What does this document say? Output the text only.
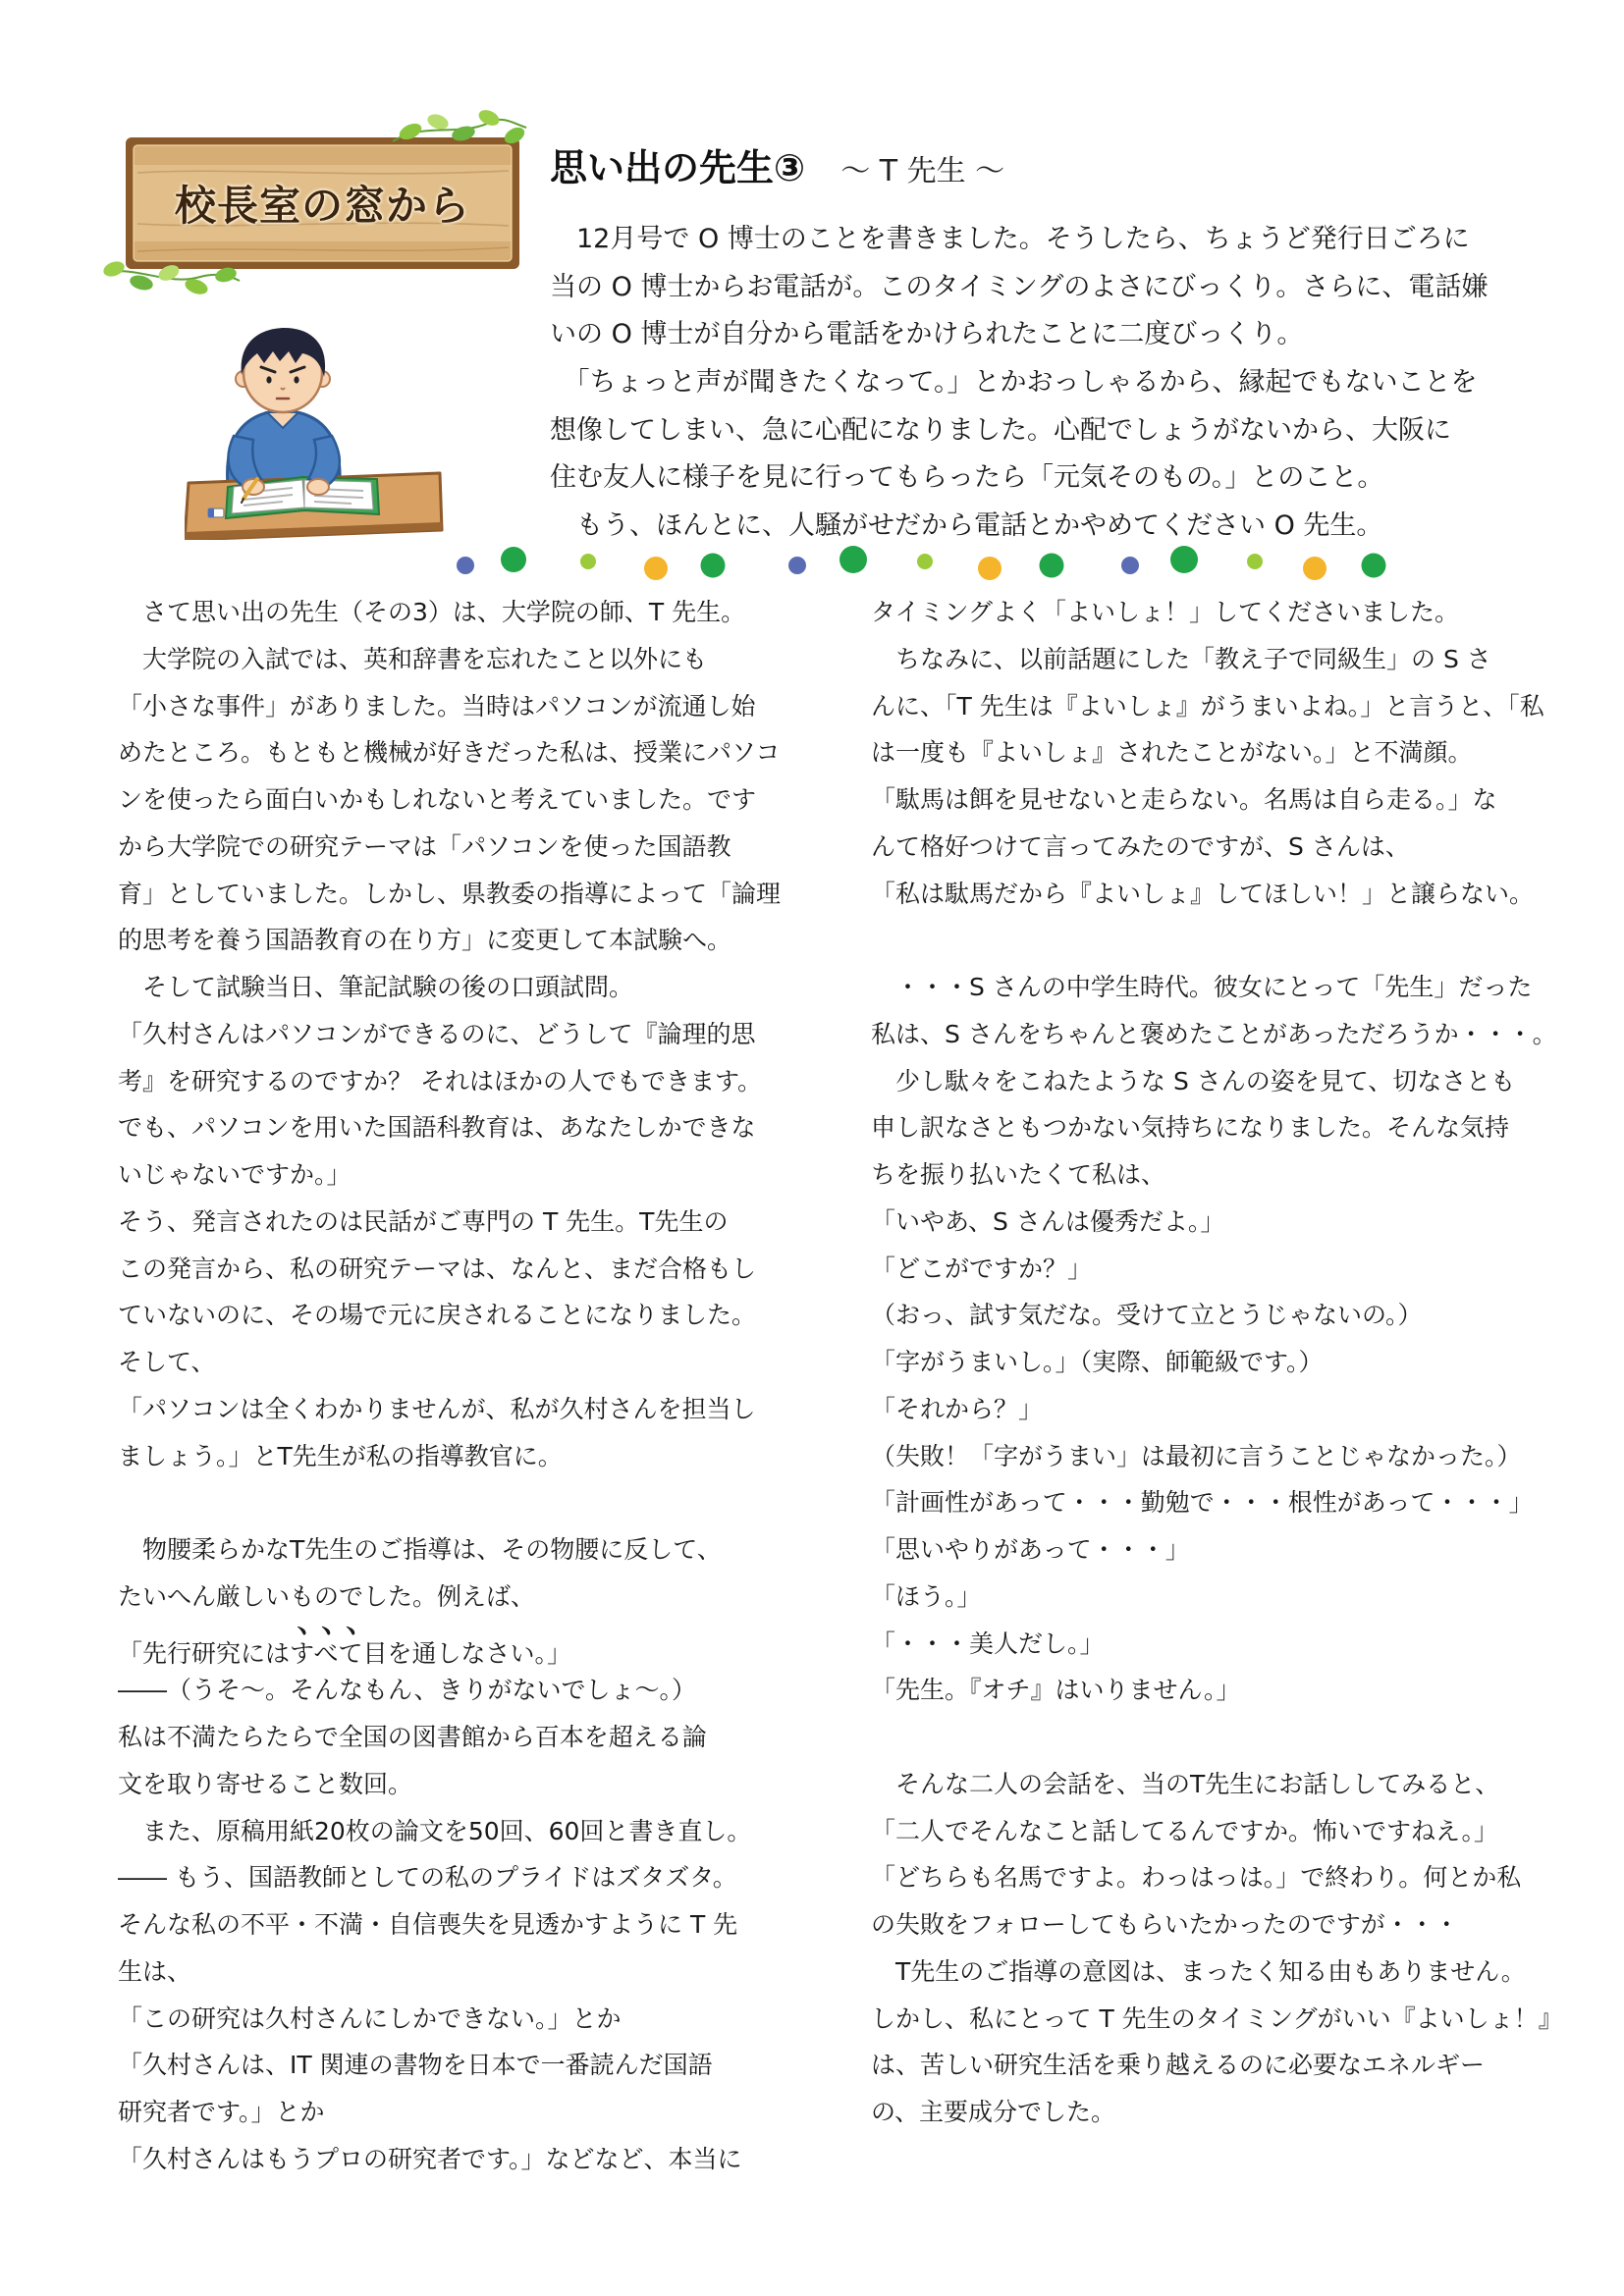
校長室の窓から
思い出の先生③ ～ T 先生 ～
　12月号で O 博士のことを書きました。そうしたら、ちょうど発行日ごろに
当の O 博士からお電話が。このタイミングのよさにびっくり。さらに、電話嫌
いの O 博士が自分から電話をかけられたことに二度びっくり。
　「ちょっと声が聞きたくなって。」とかおっしゃるから、縁起でもないことを
想像してしまい、急に心配になりました。心配でしょうがないから、大阪に
住む友人に様子を見に行ってもらったら「元気そのもの。」とのこと。
　もう、ほんとに、人騒がせだから電話とかやめてください O 先生。
　さて思い出の先生（その3）は、大学院の師、T 先生。
　大学院の入試では、英和辞書を忘れたこと以外にも
「小さな事件」がありました。当時はパソコンが流通し始
めたところ。もともと機械が好きだった私は、授業にパソコ
ンを使ったら面白いかもしれないと考えていました。です
から大学院での研究テーマは「パソコンを使った国語教
育」としていました。しかし、県教委の指導によって「論理
的思考を養う国語教育の在り方」に変更して本試験へ。
　そして試験当日、筆記試験の後の口頭試問。
「久村さんはパソコンができるのに、どうして『論理的思
考』を研究するのですか？ それはほかの人でもできます。
でも、パソコンを用いた国語科教育は、あなたしかできな
いじゃないですか。」
そう、発言されたのは民話がご専門の T 先生。T先生の
この発言から、私の研究テーマは、なんと、まだ合格もし
ていないのに、その場で元に戻されることになりました。
そして、
「パソコンは全くわかりませんが、私が久村さんを担当し
ましょう。」とT先生が私の指導教官に。
　物腰柔らかなT先生のご指導は、その物腰に反して、
たいへん厳しいものでした。例えば、
「先行研究にはすべて目を通しなさい。」
――（うそ～。そんなもん、きりがないでしょ～。）
私は不満たらたらで全国の図書館から百本を超える論
文を取り寄せること数回。
　また、原稿用紙20枚の論文を50回、60回と書き直し。
―― もう、国語教師としての私のプライドはズタズタ。
そんな私の不平・不満・自信喪失を見透かすように T 先
生は、
「この研究は久村さんにしかできない。」とか
「久村さんは、IT 関連の書物を日本で一番読んだ国語
研究者です。」とか
「久村さんはもうプロの研究者です。」などなど、本当に
タイミングよく「よいしょ！」してくださいました。
　ちなみに、以前話題にした「教え子で同級生」の S さ
んに、「T 先生は『よいしょ』がうまいよね。」と言うと、「私
は一度も『よいしょ』されたことがない。」と不満顔。
「駄馬は餌を見せないと走らない。名馬は自ら走る。」な
んて格好つけて言ってみたのですが、S さんは、
「私は駄馬だから『よいしょ』してほしい！」と譲らない。
　・・・S さんの中学生時代。彼女にとって「先生」だった
私は、S さんをちゃんと褒めたことがあっただろうか・・・。
　少し駄々をこねたような S さんの姿を見て、切なさとも
申し訳なさともつかない気持ちになりました。そんな気持
ちを振り払いたくて私は、
「いやあ、S さんは優秀だよ。」
「どこがですか？」
（おっ、試す気だな。受けて立とうじゃないの。）
「字がうまいし。」（実際、師範級です。）
「それから？」
（失敗！「字がうまい」は最初に言うことじゃなかった。）
「計画性があって・・・勤勉で・・・根性があって・・・」
「思いやりがあって・・・」
「ほう。」
「・・・美人だし。」
「先生。『オチ』はいりません。」
　そんな二人の会話を、当のT先生にお話ししてみると、
「二人でそんなこと話してるんですか。怖いですねえ。」
「どちらも名馬ですよ。わっはっは。」で終わり。何とか私
の失敗をフォローしてもらいたかったのですが・・・
　T先生のご指導の意図は、まったく知る由もありません。
しかし、私にとって T 先生のタイミングがいい『よいしょ！』
は、苦しい研究生活を乗り越えるのに必要なエネルギー
の、主要成分でした。
